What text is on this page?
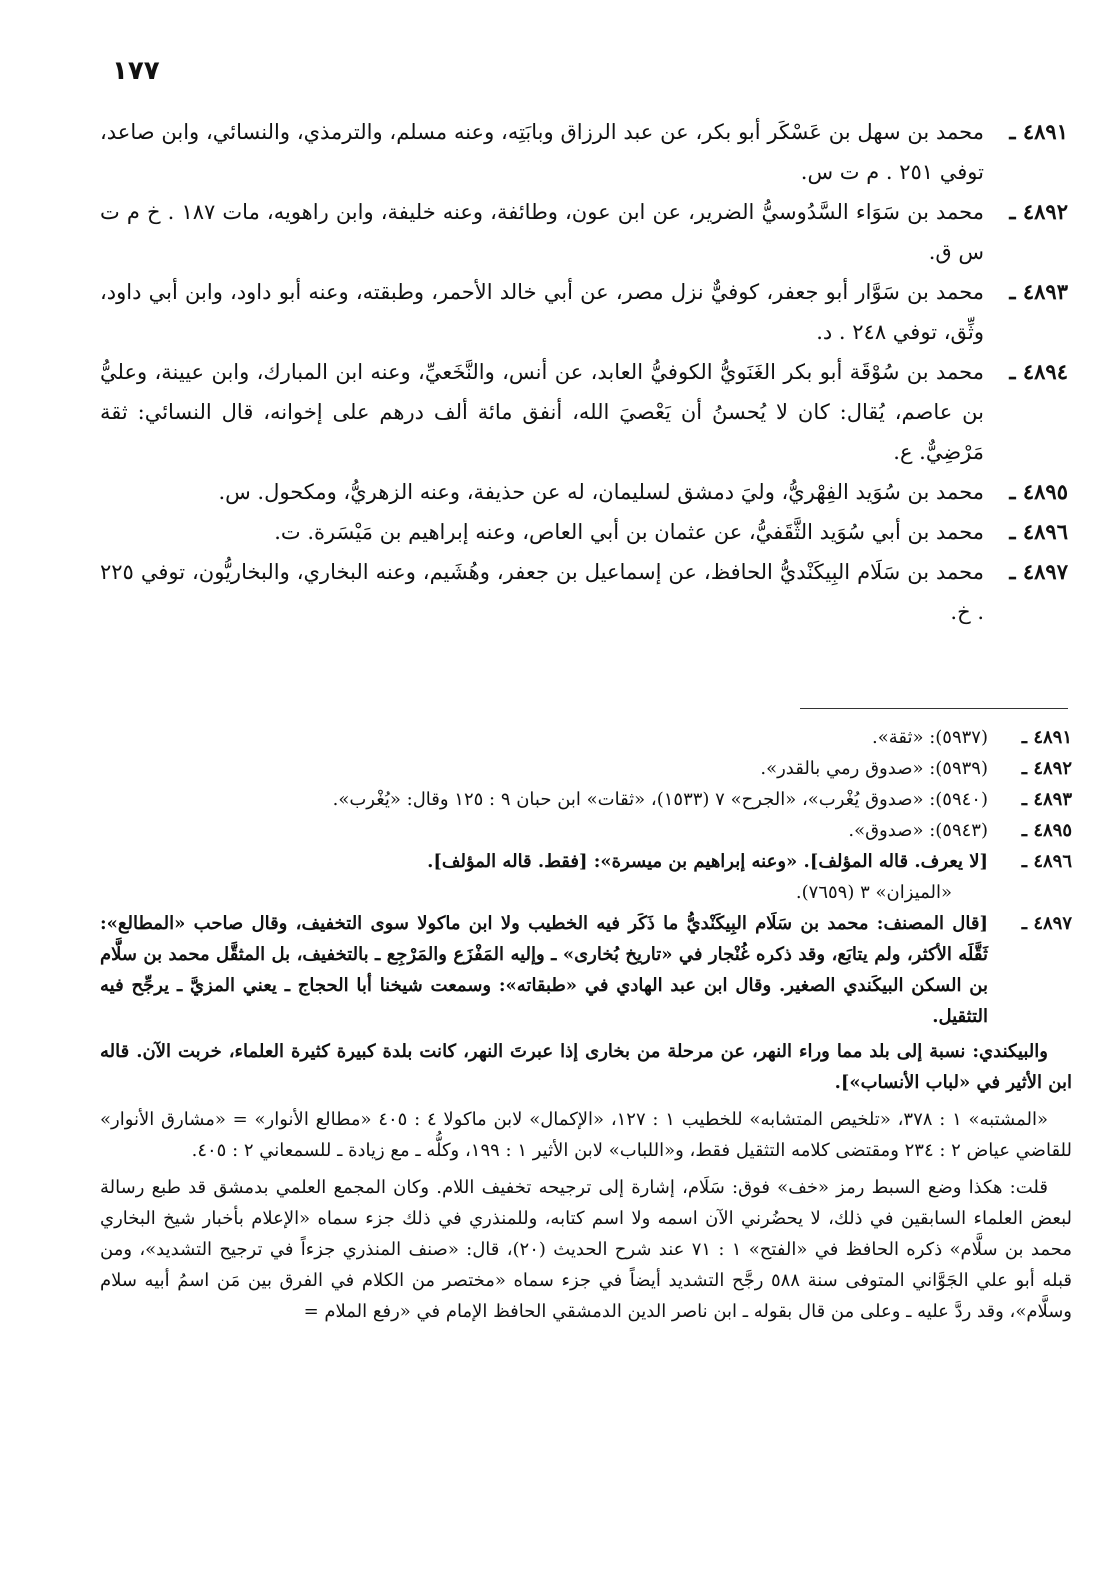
١٧٧

٤٨٩١ ـ
محمد بن سهل بن عَسْكَر أبو بكر، عن عبد الرزاق وبابَتِه، وعنه مسلم، والترمذي، والنسائي، وابن صاعد، توفي ٢٥١ . م ت س.

٤٨٩٢ ـ
محمد بن سَوَاء السَّدُوسيُّ الضرير، عن ابن عون، وطائفة، وعنه خليفة، وابن راهويه، مات ١٨٧ . خ م ت س ق.

٤٨٩٣ ـ
محمد بن سَوَّار أبو جعفر، كوفيٌّ نزل مصر، عن أبي خالد الأحمر، وطبقته، وعنه أبو داود، وابن أبي داود، وثِّق، توفي ٢٤٨ . د.

٤٨٩٤ ـ
محمد بن سُوْقَة أبو بكر الغَنَويُّ الكوفيُّ العابد، عن أنس، والنَّخَعيِّ، وعنه ابن المبارك، وابن عيينة، وعليُّ بن عاصم، يُقال: كان لا يُحسنُ أن يَعْصيَ الله، أنفق مائة ألف درهم على إخوانه، قال النسائي: ثقة مَرْضِيٌّ. ع.

٤٨٩٥ ـ
محمد بن سُوَيد الفِهْريُّ، وليَ دمشق لسليمان، له عن حذيفة، وعنه الزهريُّ، ومكحول. س.

٤٨٩٦ ـ
محمد بن أبي سُوَيد الثَّقَفيُّ، عن عثمان بن أبي العاص، وعنه إبراهيم بن مَيْسَرة. ت.

٤٨٩٧ ـ
محمد بن سَلَام البِيكَنْديُّ الحافظ، عن إسماعيل بن جعفر، وهُشَيم، وعنه البخاري، والبخاريُّون، توفي ٢٢٥ . خ.

٤٨٩١ ـ
(٥٩٣٧): «ثقة».

٤٨٩٢ ـ
(٥٩٣٩): «صدوق رمي بالقدر».

٤٨٩٣ ـ
(٥٩٤٠): «صدوق يُغْرب»، «الجرح» ٧ (١٥٣٣)، «ثقات» ابن حبان ٩ : ١٢٥ وقال: «يُغْرب».

٤٨٩٥ ـ
(٥٩٤٣): «صدوق».

٤٨٩٦ ـ
[لا يعرف. قاله المؤلف]. «وعنه إبراهيم بن ميسرة»: [فقط. قاله المؤلف].

«الميزان» ٣ (٧٦٥٩).

٤٨٩٧ ـ
[قال المصنف: محمد بن سَلَام البِيكَنْديُّ ما ذَكَر فيه الخطيب ولا ابن ماكولا سوى التخفيف، وقال صاحب «المطالع»: ثَقَّلَه الأكثر، ولم يتابَع، وقد ذكره غُنْجار في «تاريخ بُخارى» ـ وإليه المَفْزَع والمَرْجِع ـ بالتخفيف، بل المثقَّل محمد بن سلَّام بن السكن البيكَندي الصغير. وقال ابن عبد الهادي في «طبقاته»: وسمعت شيخنا أبا الحجاج ـ يعني المزيَّ ـ يرجِّح فيه التثقيل.

والبيكندي: نسبة إلى بلد مما وراء النهر، عن مرحلة من بخارى إذا عبرتَ النهر، كانت بلدة كبيرة كثيرة العلماء، خربت الآن. قاله ابن الأثير في «لباب الأنساب»].

«المشتبه» ١ : ٣٧٨، «تلخيص المتشابه» للخطيب ١ : ١٢٧، «الإكمال» لابن ماكولا ٤ : ٤٠٥ «مطالع الأنوار» = «مشارق الأنوار» للقاضي عياض ٢ : ٢٣٤ ومقتضى كلامه التثقيل فقط، و«اللباب» لابن الأثير ١ : ١٩٩، وكلُّه ـ مع زيادة ـ للسمعاني ٢ : ٤٠٥.

قلت: هكذا وضع السبط رمز «خف» فوق: سَلَام، إشارة إلى ترجيحه تخفيف اللام. وكان المجمع العلمي بدمشق قد طبع رسالة لبعض العلماء السابقين في ذلك، لا يحضُرني الآن اسمه ولا اسم كتابه، وللمنذري في ذلك جزء سماه «الإعلام بأخبار شيخ البخاري محمد بن سلَّام» ذكره الحافظ في «الفتح» ١ : ٧١ عند شرح الحديث (٢٠)، قال: «صنف المنذري جزءاً في ترجيح التشديد»، ومن قبله أبو علي الجَوَّاني المتوفى سنة ٥٨٨ رجَّح التشديد أيضاً في جزء سماه «مختصر من الكلام في الفرق بين مَن اسمُ أبيه سلام وسلَّام»، وقد ردَّ عليه ـ وعلى من قال بقوله ـ ابن ناصر الدين الدمشقي الحافظ الإمام في «رفع الملام =
